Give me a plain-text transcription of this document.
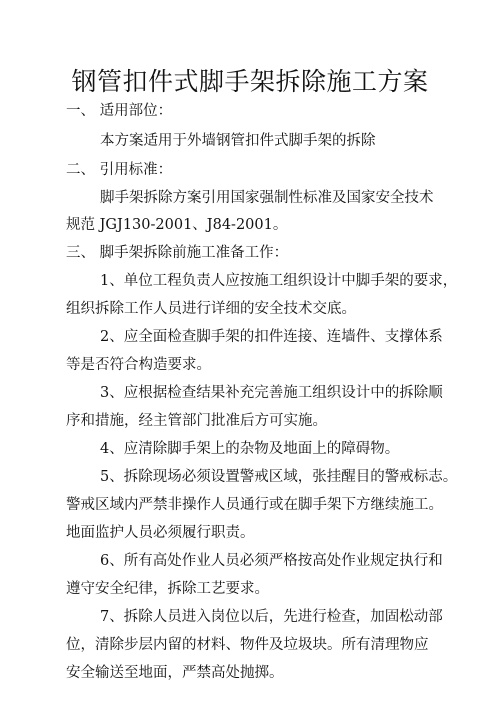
钢管扣件式脚手架拆除施工方案
一、 适用部位：
本方案适用于外墙钢管扣件式脚手架的拆除
二、 引用标准：
脚手架拆除方案引用国家强制性标准及国家安全技术
规范 JGJ130-2001、J84-2001。
三、 脚手架拆除前施工准备工作：
1、单位工程负责人应按施工组织设计中脚手架的要求，
组织拆除工作人员进行详细的安全技术交底。
2、应全面检查脚手架的扣件连接、连墙件、支撑体系
等是否符合构造要求。
3、应根据检查结果补充完善施工组织设计中的拆除顺
序和措施，经主管部门批准后方可实施。
4、应清除脚手架上的杂物及地面上的障碍物。
5、拆除现场必须设置警戒区域，张挂醒目的警戒标志。
警戒区域内严禁非操作人员通行或在脚手架下方继续施工。
地面监护人员必须履行职责。
6、所有高处作业人员必须严格按高处作业规定执行和
遵守安全纪律，拆除工艺要求。
7、拆除人员进入岗位以后，先进行检查，加固松动部
位，清除步层内留的材料、物件及垃圾块。所有清理物应
安全输送至地面，严禁高处抛掷。
